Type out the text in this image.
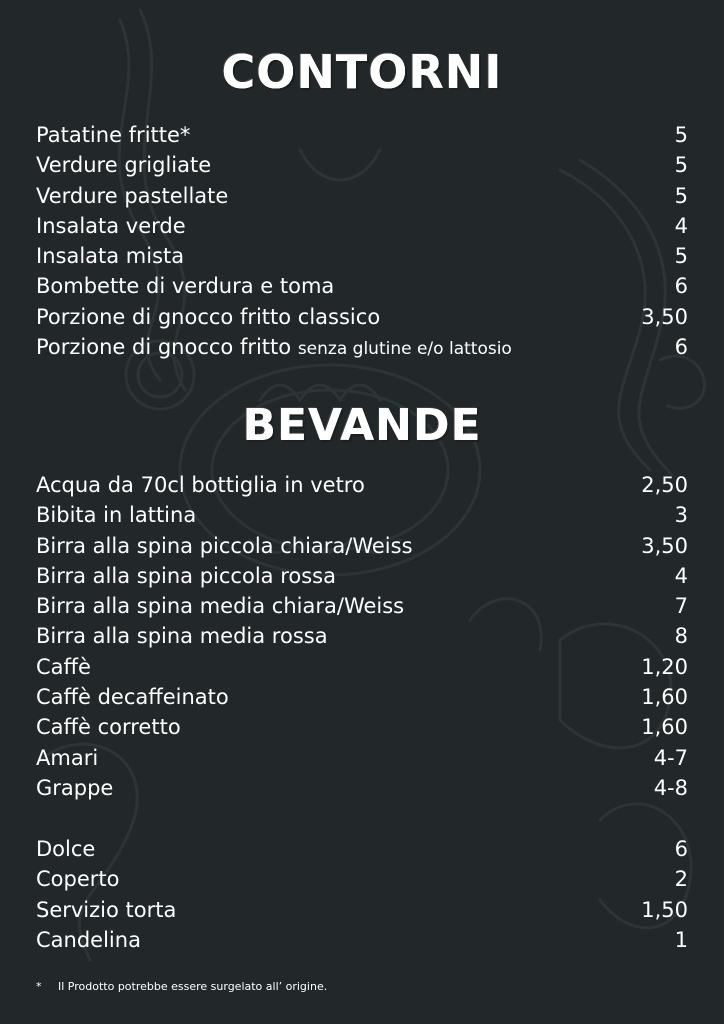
CONTORNI
Patatine fritte*	5
Verdure grigliate	5
Verdure pastellate	5
Insalata verde	4
Insalata mista	5
Bombette di verdura e toma	6
Porzione di gnocco fritto classico	3,50
Porzione di gnocco fritto senza glutine e/o lattosio	6
BEVANDE
Acqua da 70cl bottiglia in vetro	2,50
Bibita in lattina	3
Birra alla spina piccola chiara/Weiss	3,50
Birra alla spina piccola rossa	4
Birra alla spina media chiara/Weiss	7
Birra alla spina media rossa	8
Caffè	1,20
Caffè decaffeinato	1,60
Caffè corretto	1,60
Amari	4-7
Grappe	4-8
Dolce	6
Coperto	2
Servizio torta	1,50
Candelina	1
* Il Prodotto potrebbe essere surgelato all’ origine.
